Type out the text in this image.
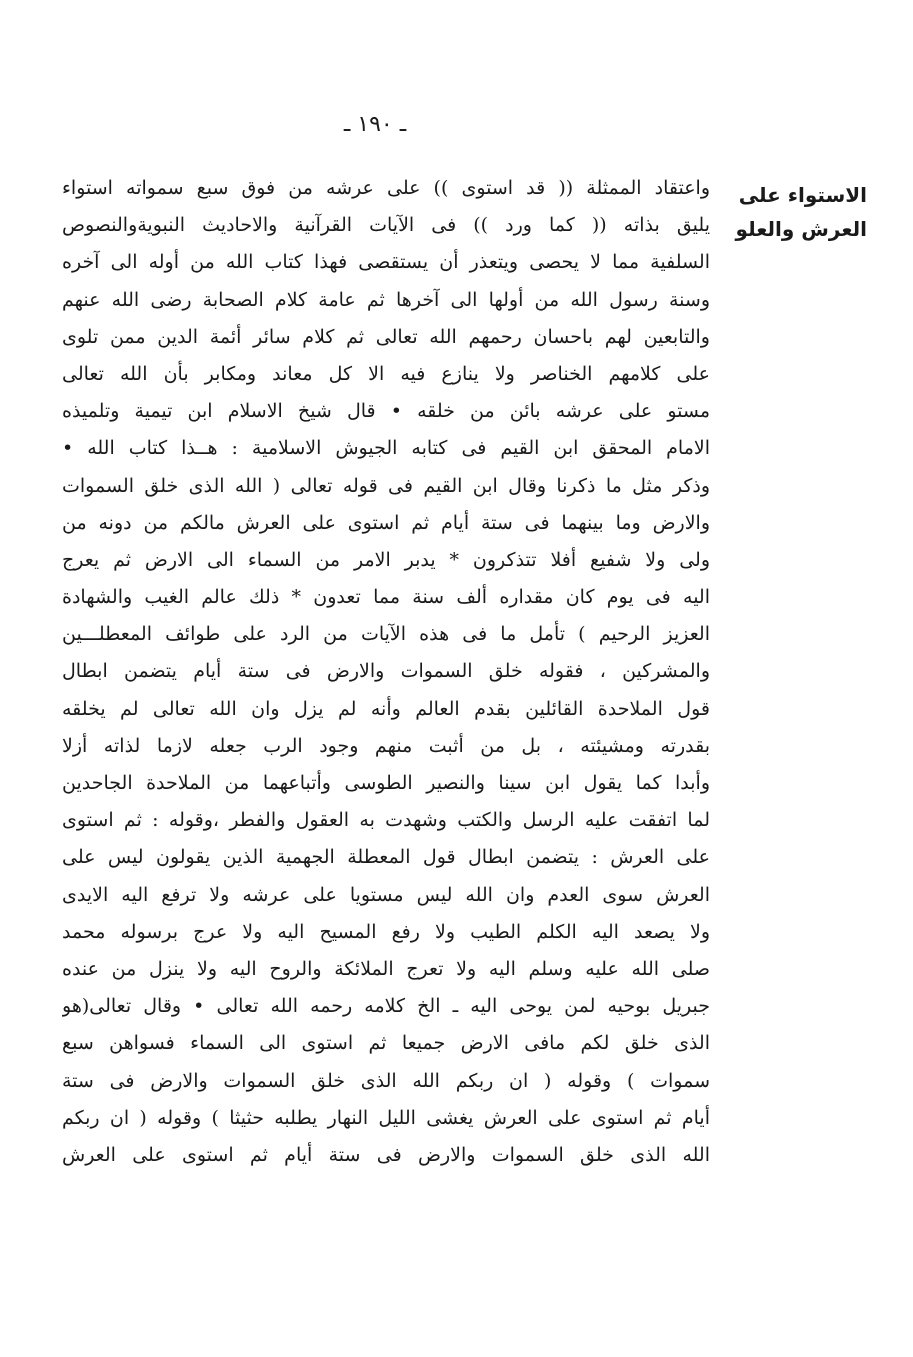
ـ ١٩٠ ـ
الاستواء على
العرش والعلو
واعتقاد الممثلة (( قد استوى )) على عرشه من فوق سبع سمواته استواء
يليق بذاته (( كما ورد )) فى الآيات القرآنية والاحاديث النبويةوالنصوص
السلفية مما لا يحصى ويتعذر أن يستقصى فهذا كتاب الله من أوله الى آخره
وسنة رسول الله من أولها الى آخرها ثم عامة كلام الصحابة رضى الله عنهم
والتابعين لهم باحسان رحمهم الله تعالى ثم كلام سائر أئمة الدين ممن تلوى
على كلامهم الخناصر ولا ينازع فيه الا كل معاند ومكابر بأن الله تعالى
مستو على عرشه بائن من خلقه • قال شيخ الاسلام ابن تيمية وتلميذه
الامام المحقق ابن القيم فى كتابه الجيوش الاسلامية : هــذا كتاب الله •
وذكر مثل ما ذكرنا وقال ابن القيم فى قوله تعالى ( الله الذى خلق السموات
والارض وما بينهما فى ستة أيام ثم استوى على العرش مالكم من دونه من
ولى ولا شفيع أفلا تتذكرون * يدبر الامر من السماء الى الارض ثم يعرج
اليه فى يوم كان مقداره ألف سنة مما تعدون * ذلك عالم الغيب والشهادة
العزيز الرحيم ) تأمل ما فى هذه الآيات من الرد على طوائف المعطلـــين
والمشركين ، فقوله خلق السموات والارض فى ستة أيام يتضمن ابطال
قول الملاحدة القائلين بقدم العالم وأنه لم يزل وان الله تعالى لم يخلقه
بقدرته ومشيئته ، بل من أثبت منهم وجود الرب جعله لازما لذاته أزلا
وأبدا كما يقول ابن سينا والنصير الطوسى وأتباعهما من الملاحدة الجاحدين
لما اتفقت عليه الرسل والكتب وشهدت به العقول والفطر ،وقوله : ثم استوى
على العرش : يتضمن ابطال قول المعطلة الجهمية الذين يقولون ليس على
العرش سوى العدم وان الله ليس مستويا على عرشه ولا ترفع اليه الايدى
ولا يصعد اليه الكلم الطيب ولا رفع المسيح اليه ولا عرج برسوله محمد
صلى الله عليه وسلم اليه ولا تعرج الملائكة والروح اليه ولا ينزل من عنده
جبريل بوحيه لمن يوحى اليه ـ الخ كلامه رحمه الله تعالى • وقال تعالى(هو
الذى خلق لكم مافى الارض جميعا ثم استوى الى السماء فسواهن سبع
سموات ) وقوله ( ان ربكم الله الذى خلق السموات والارض فى ستة
أيام ثم استوى على العرش يغشى الليل النهار يطلبه حثيثا ) وقوله ( ان ربكم
الله الذى خلق السموات والارض فى ستة أيام ثم استوى على العرش
